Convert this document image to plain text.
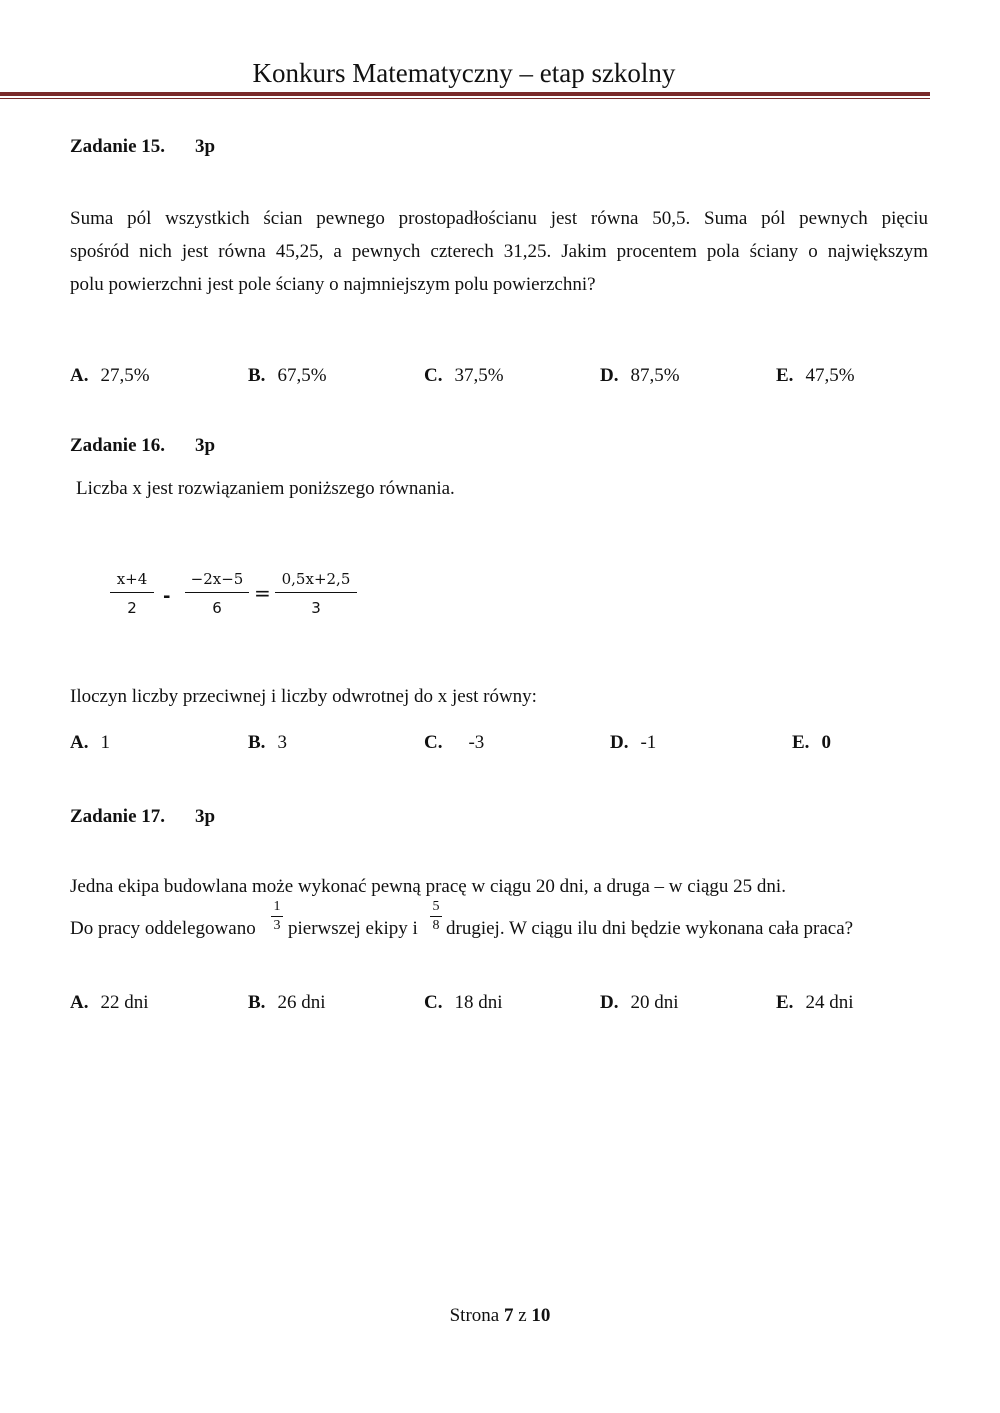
Konkurs Matematyczny – etap szkolny
Zadanie 15. 3p
Suma pól wszystkich ścian pewnego prostopadłościanu jest równa 50,5. Suma pól pewnych pięciu
spośród nich jest równa 45,25, a pewnych czterech 31,25. Jakim procentem pola ściany o największym
polu powierzchni jest pole ściany o najmniejszym polu powierzchni?
A. 27,5%	B. 67,5%	C. 37,5%	D. 87,5%	E. 47,5%
Zadanie 16. 3p
Liczba x jest rozwiązaniem poniższego równania.
x+4
2
-
−2x−5
6
=
0,5x+2,5
3
Iloczyn liczby przeciwnej i liczby odwrotnej do x jest równy:
A. 1	B. 3	C. -3	D. -1	E. 0
Zadanie 17. 3p
Jedna ekipa budowlana może wykonać pewną pracę w ciągu 20 dni, a druga – w ciągu 25 dni.
Do pracy oddelegowano
1
3 pierwszej ekipy i
5
8 drugiej. W ciągu ilu dni będzie wykonana cała praca?
A. 22 dni	B. 26 dni	C. 18 dni	D. 20 dni	E. 24 dni
Strona 7 z 10
